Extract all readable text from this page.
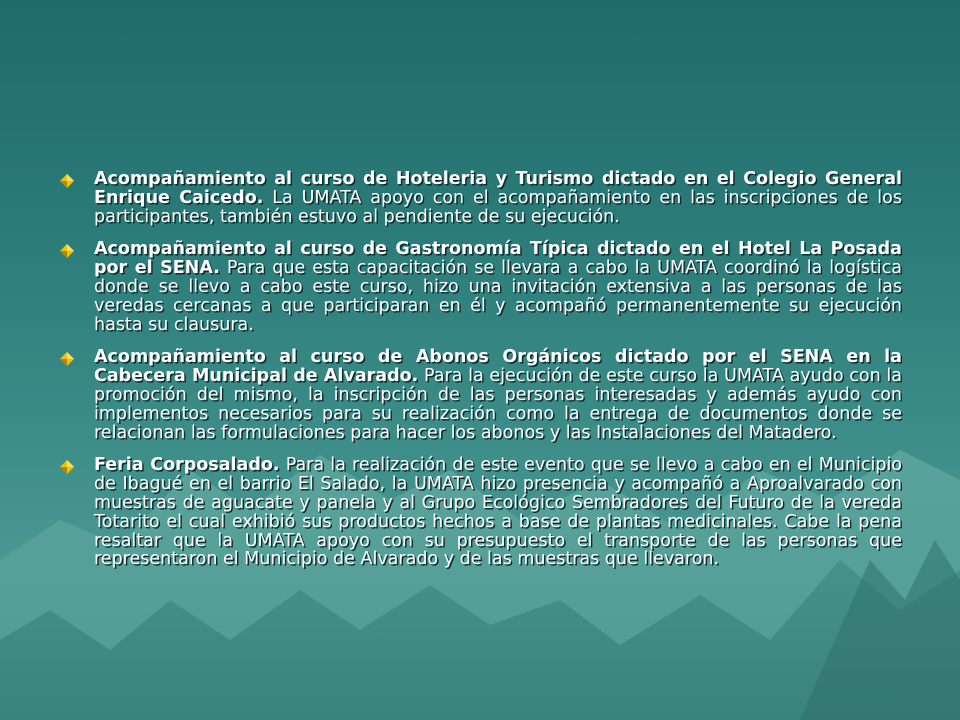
Acompañamiento al curso de Hoteleria y Turismo dictado en el Colegio General Enrique Caicedo. La UMATA apoyo con el acompañamiento en las inscripciones de los participantes, también estuvo al pendiente de su ejecución.
Acompañamiento al curso de Gastronomía Típica dictado en el Hotel La Posada por el SENA. Para que esta capacitación se llevara a cabo la UMATA coordinó la logística donde se llevo a cabo este curso, hizo una invitación extensiva a las personas de las veredas cercanas a que participaran en él y acompañó permanentemente su ejecución hasta su clausura.
Acompañamiento al curso de Abonos Orgánicos dictado por el SENA en la Cabecera Municipal de Alvarado. Para la ejecución de este curso la UMATA ayudo con la promoción del mismo, la inscripción de las personas interesadas y además ayudo con implementos necesarios para su realización como la entrega de documentos donde se relacionan las formulaciones para hacer los abonos y las Instalaciones del Matadero.
Feria Corposalado. Para la realización de este evento que se llevo a cabo en el Municipio de Ibagué en el barrio El Salado, la UMATA hizo presencia y acompañó a Aproalvarado con muestras de aguacate y panela y al Grupo Ecológico Sembradores del Futuro de la vereda Totarito el cual exhibió sus productos hechos a base de plantas medicinales. Cabe la pena resaltar que la UMATA apoyo con su presupuesto el transporte de las personas que representaron el Municipio de Alvarado y de las muestras que llevaron.
